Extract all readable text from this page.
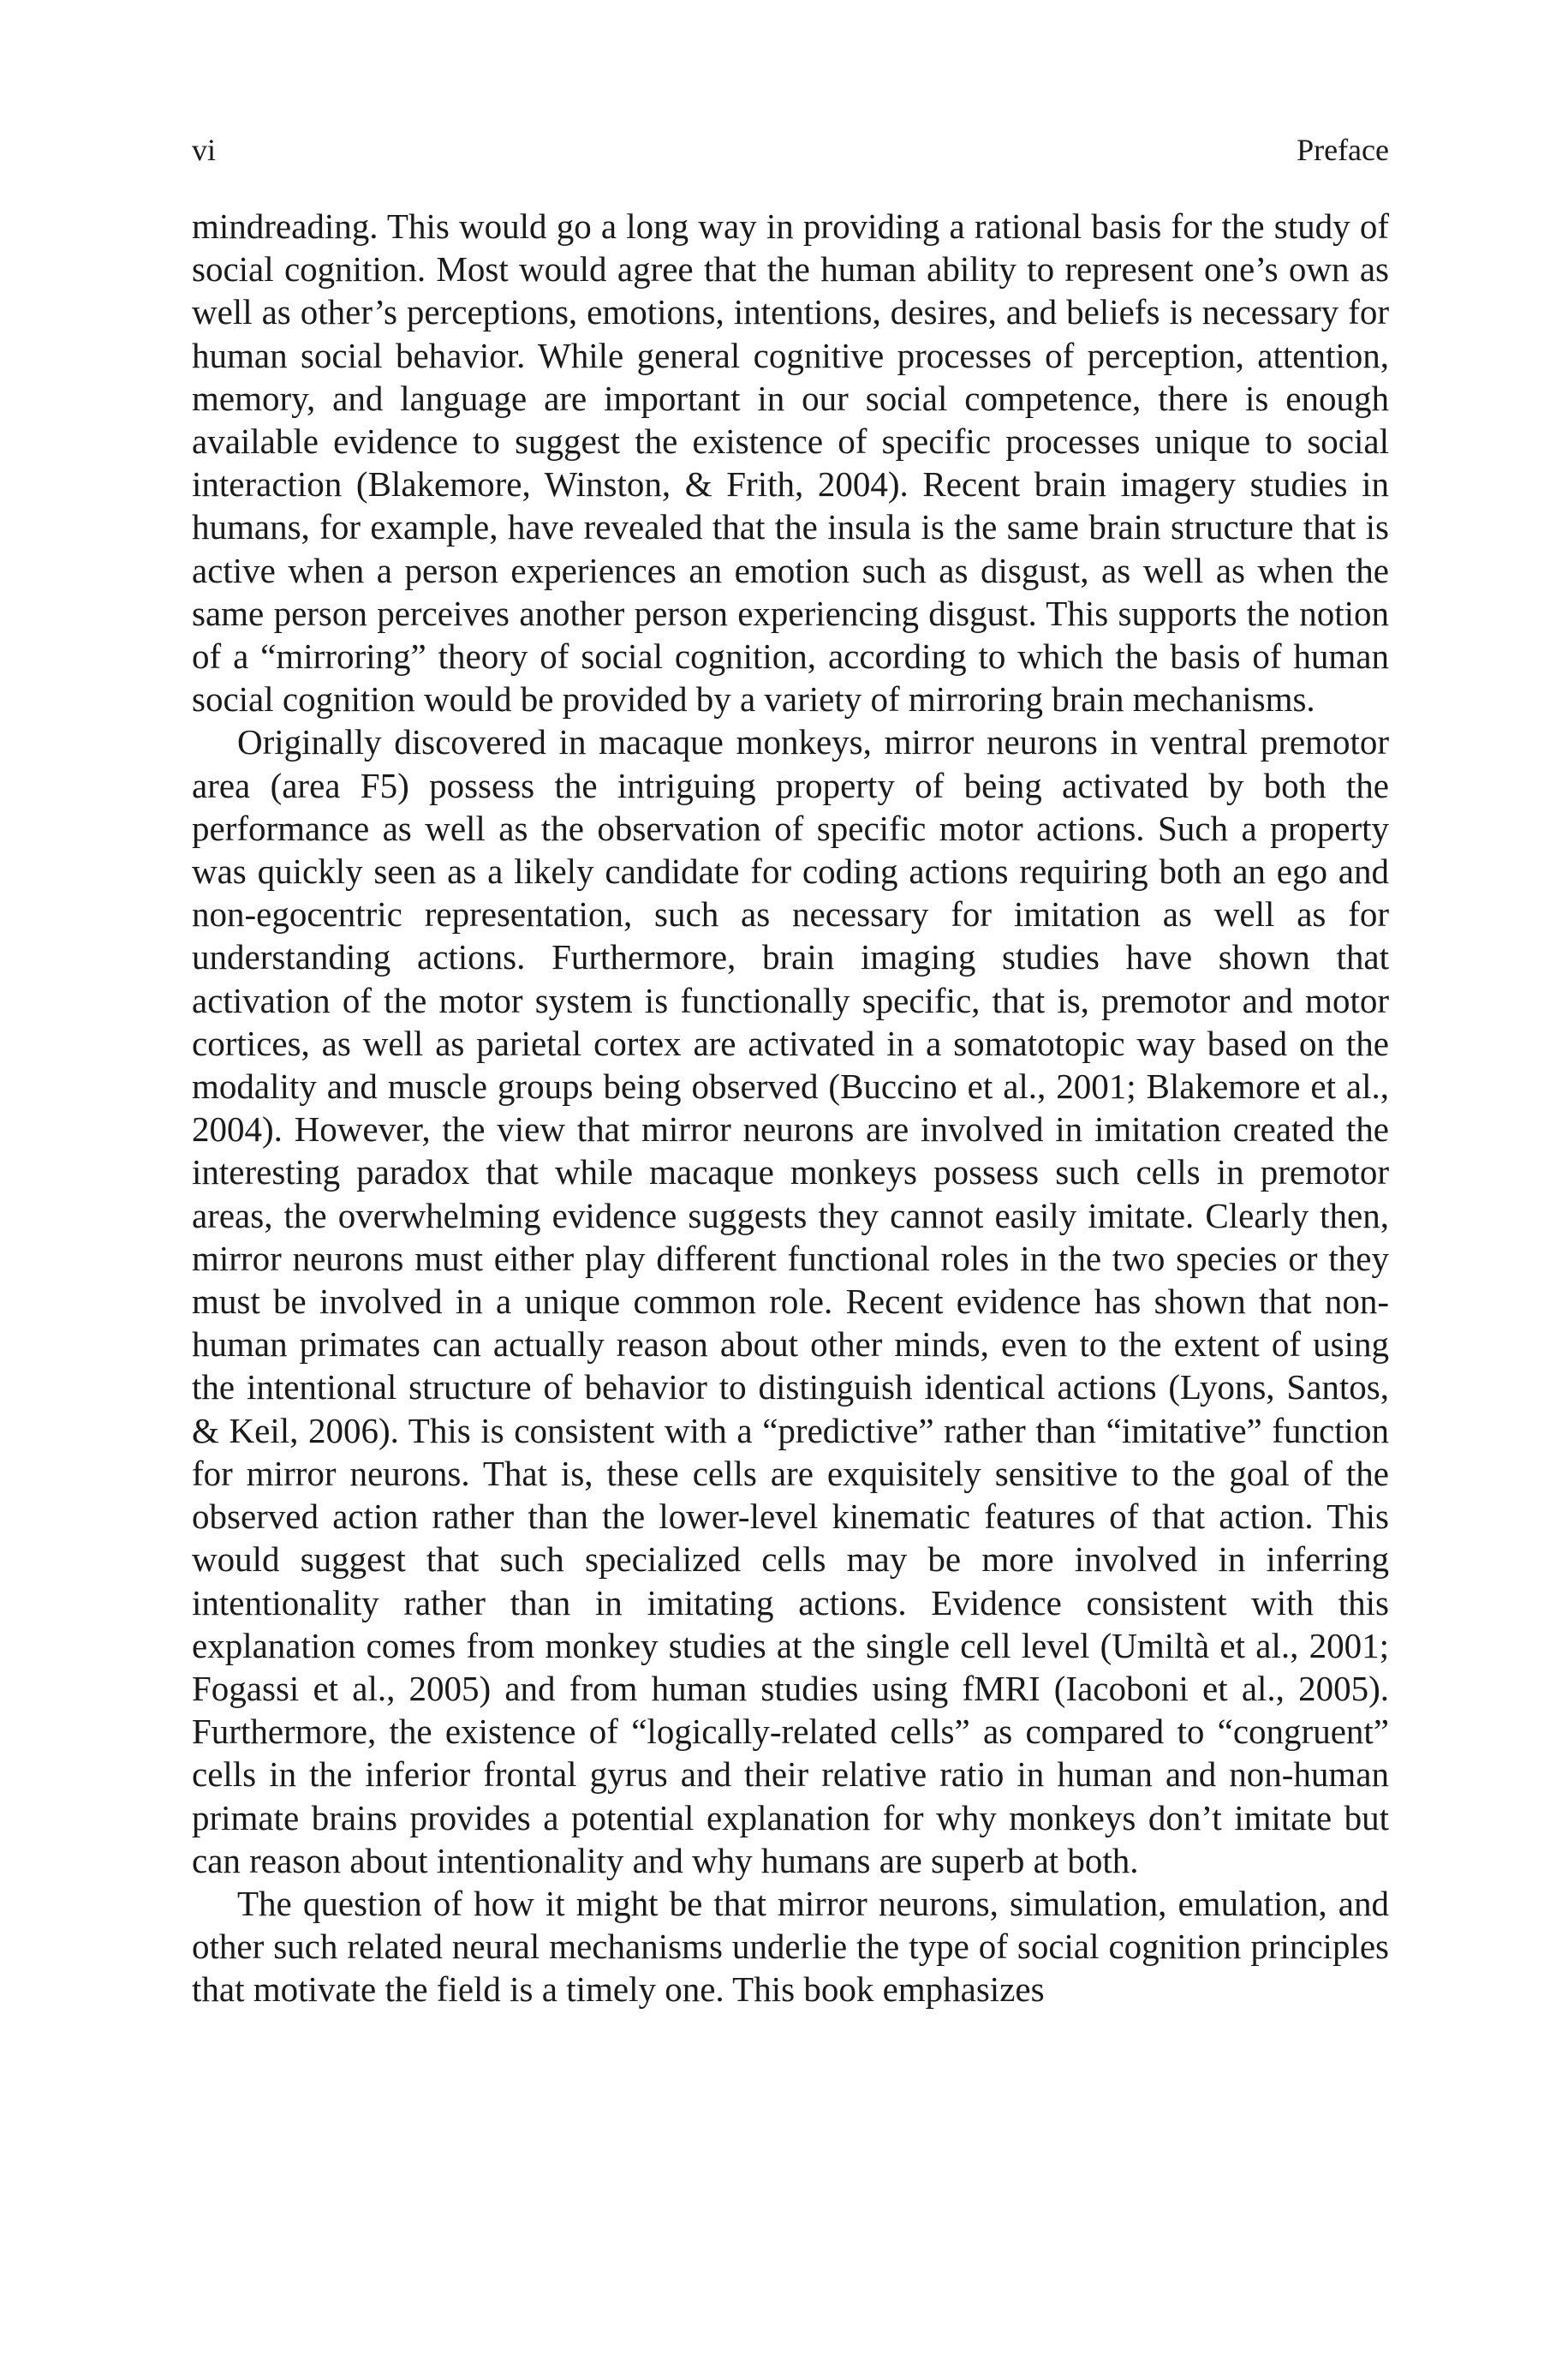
vi	Preface

mindreading. This would go a long way in providing a rational basis for the study of social cognition. Most would agree that the human ability to represent one’s own as well as other’s perceptions, emotions, intentions, desires, and beliefs is necessary for human social behavior. While general cognitive processes of perception, attention, memory, and language are important in our social competence, there is enough available evidence to suggest the existence of specific processes unique to social interaction (Blakemore, Winston, & Frith, 2004). Recent brain imagery studies in humans, for example, have revealed that the insula is the same brain structure that is active when a person experiences an emotion such as disgust, as well as when the same person perceives another person experiencing disgust. This supports the notion of a “mirroring” theory of social cognition, according to which the basis of human social cognition would be provided by a variety of mirroring brain mechanisms.

Originally discovered in macaque monkeys, mirror neurons in ventral premotor area (area F5) possess the intriguing property of being activated by both the performance as well as the observation of specific motor actions. Such a property was quickly seen as a likely candidate for coding actions requiring both an ego and non-egocentric representation, such as necessary for imitation as well as for understanding actions. Furthermore, brain imaging studies have shown that activation of the motor system is functionally specific, that is, premotor and motor cortices, as well as parietal cortex are activated in a somatotopic way based on the modality and muscle groups being observed (Buccino et al., 2001; Blakemore et al., 2004). However, the view that mirror neurons are involved in imitation created the interesting paradox that while macaque monkeys possess such cells in premotor areas, the overwhelming evidence suggests they cannot easily imitate. Clearly then, mirror neurons must either play different functional roles in the two species or they must be involved in a unique common role. Recent evidence has shown that non-human primates can actually reason about other minds, even to the extent of using the intentional structure of behavior to distinguish identical actions (Lyons, Santos, & Keil, 2006). This is consistent with a “predictive” rather than “imitative” function for mirror neurons. That is, these cells are exquisitely sensitive to the goal of the observed action rather than the lower-level kinematic features of that action. This would suggest that such specialized cells may be more involved in inferring intentionality rather than in imitating actions. Evidence consistent with this explanation comes from monkey studies at the single cell level (Umiltà et al., 2001; Fogassi et al., 2005) and from human studies using fMRI (Iacoboni et al., 2005). Furthermore, the existence of “logically-related cells” as compared to “congruent” cells in the inferior frontal gyrus and their relative ratio in human and non-human primate brains provides a potential explanation for why monkeys don’t imitate but can reason about intentionality and why humans are superb at both.

The question of how it might be that mirror neurons, simulation, emulation, and other such related neural mechanisms underlie the type of social cognition principles that motivate the field is a timely one. This book emphasizes
